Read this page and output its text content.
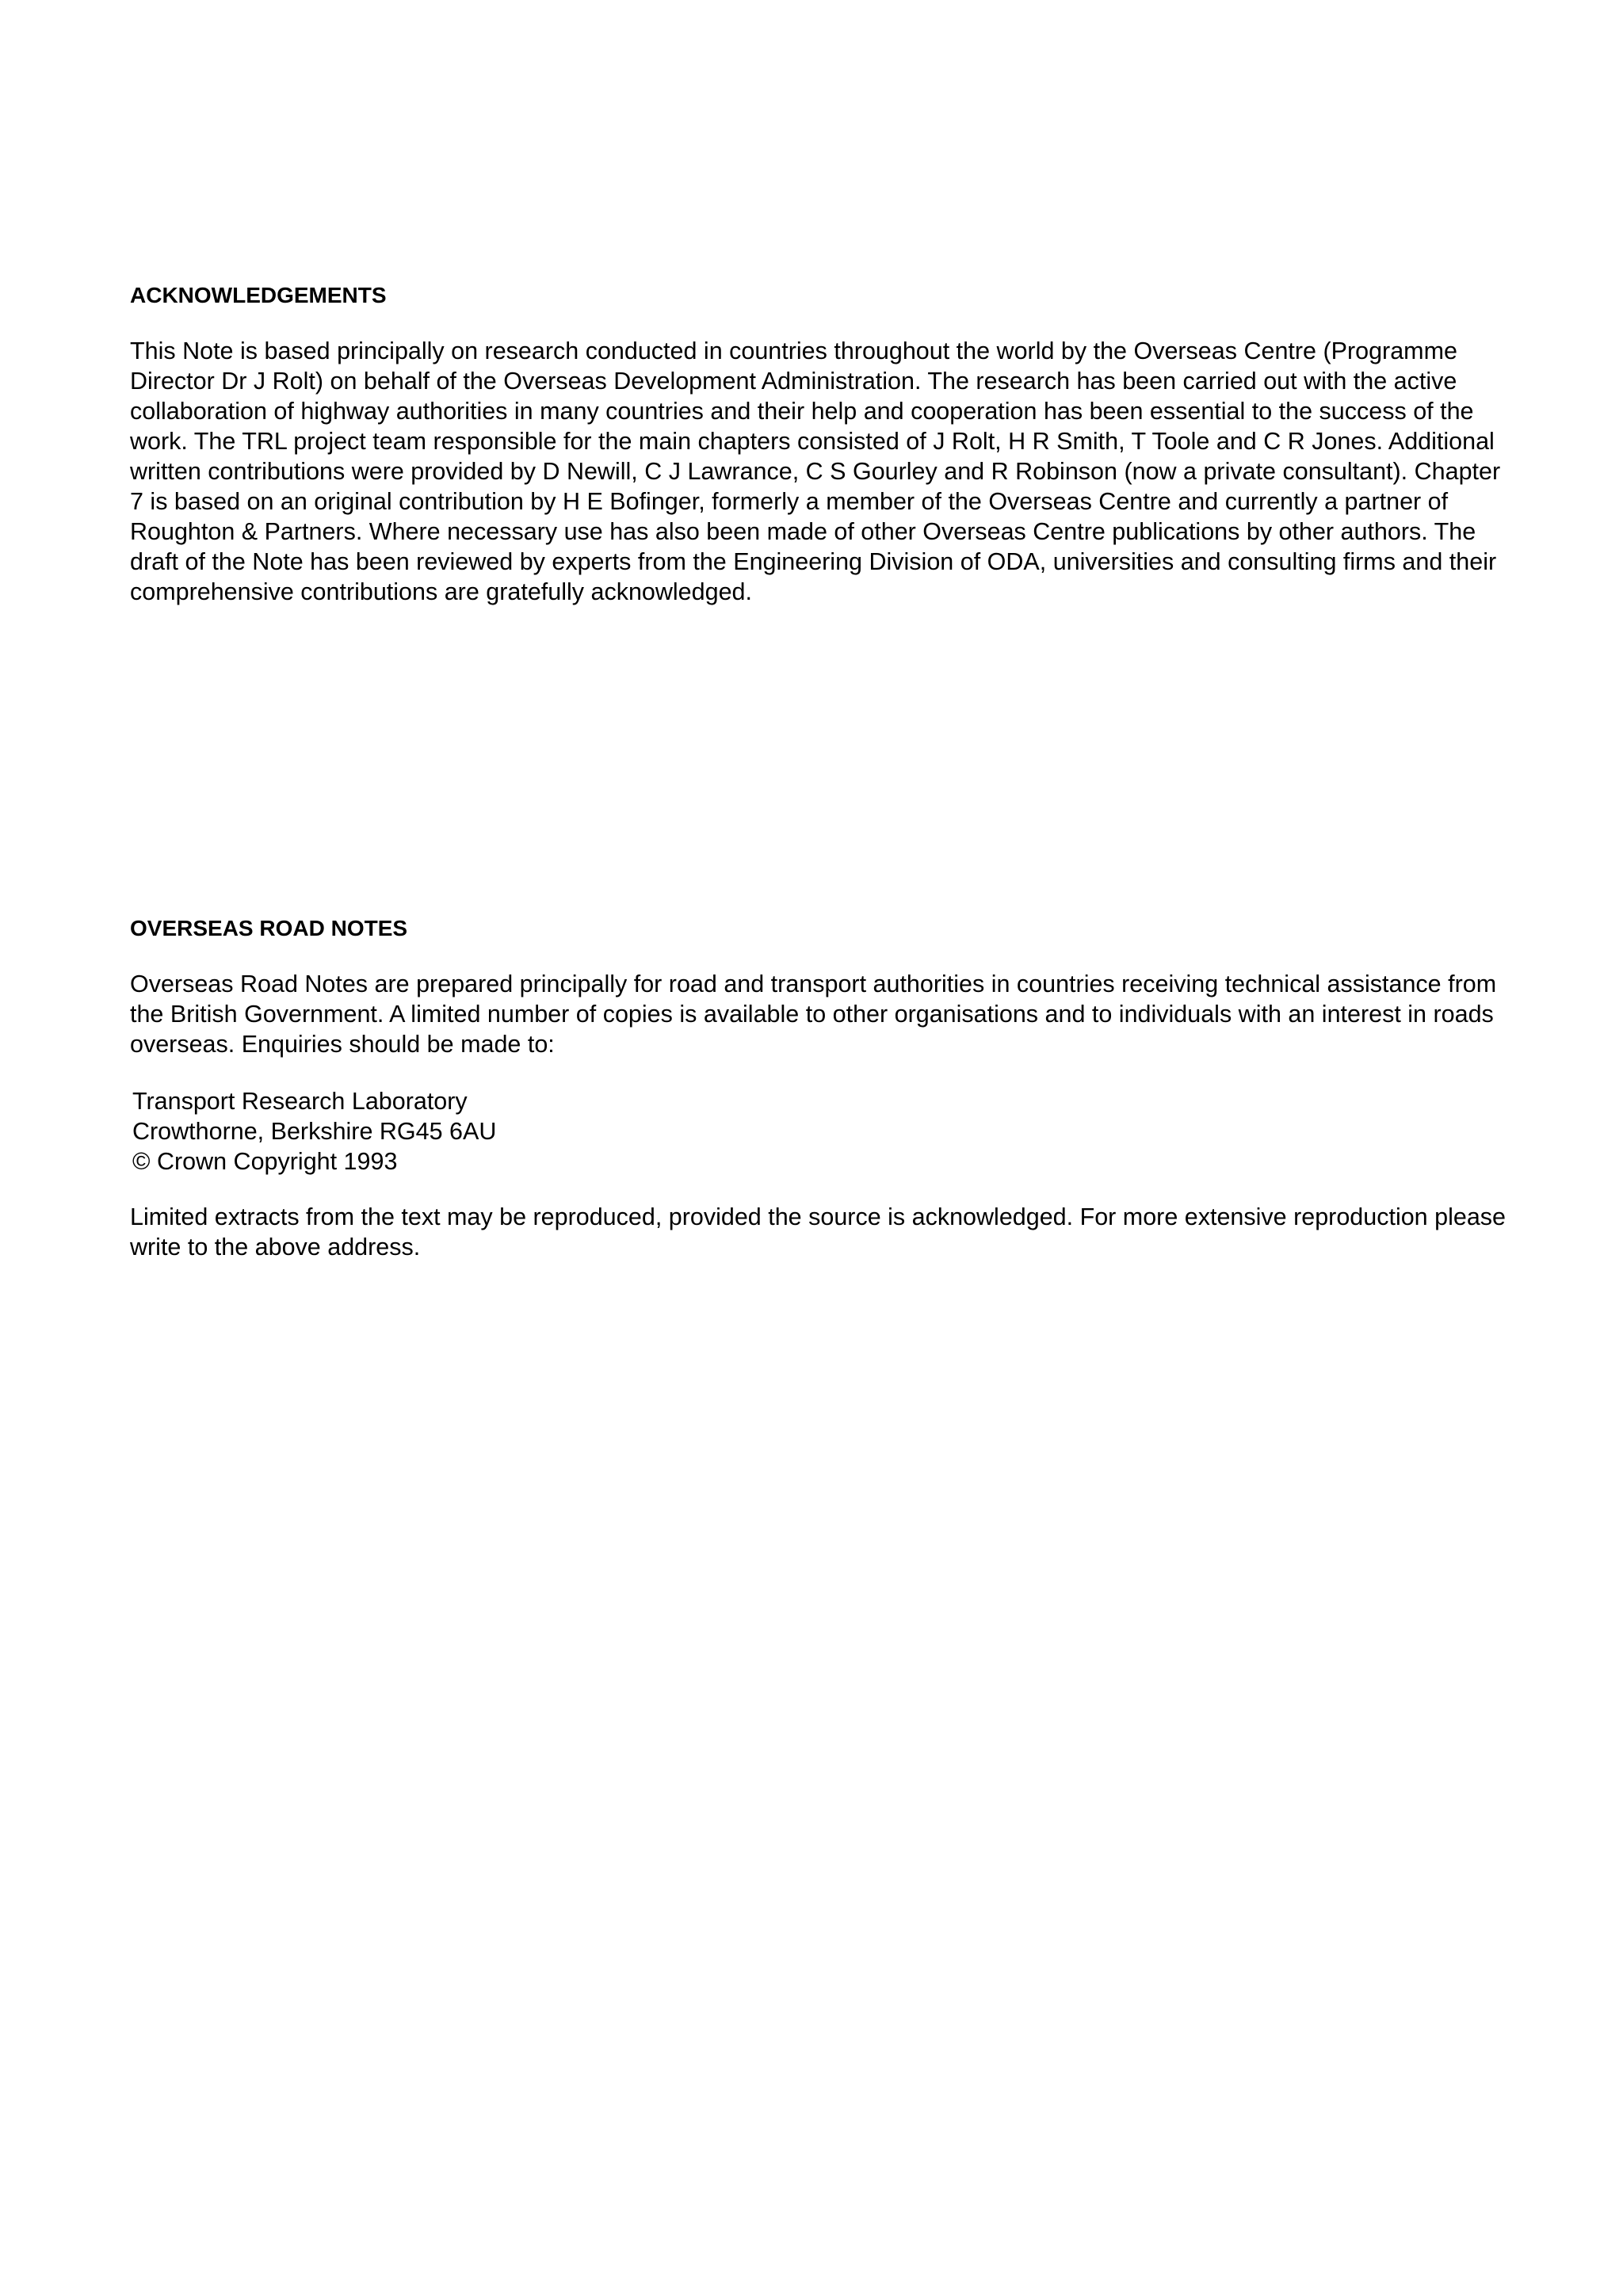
ACKNOWLEDGEMENTS

This Note is based principally on research conducted in countries throughout the world by the Overseas Centre (Programme Director Dr J Rolt) on behalf of the Overseas Development Administration. The research has been carried out with the active collaboration of highway authorities in many countries and their help and cooperation has been essential to the success of the work. The TRL project team responsible for the main chapters consisted of J Rolt, H R Smith, T Toole and C R Jones. Additional written contributions were provided by D Newill, C J Lawrance, C S Gourley and R Robinson (now a private consultant). Chapter 7 is based on an original contribution by H E Bofinger, formerly a member of the Overseas Centre and currently a partner of Roughton & Partners. Where necessary use has also been made of other Overseas Centre publications by other authors. The draft of the Note has been reviewed by experts from the Engineering Division of ODA, universities and consulting firms and their comprehensive contributions are gratefully acknowledged.

OVERSEAS ROAD NOTES

Overseas Road Notes are prepared principally for road and transport authorities in countries receiving technical assistance from the British Government. A limited number of copies is available to other organisations and to individuals with an interest in roads overseas. Enquiries should be made to:

Transport Research Laboratory
Crowthorne, Berkshire RG45 6AU
© Crown Copyright 1993

Limited extracts from the text may be reproduced, provided the source is acknowledged. For more extensive reproduction please write to the above address.
